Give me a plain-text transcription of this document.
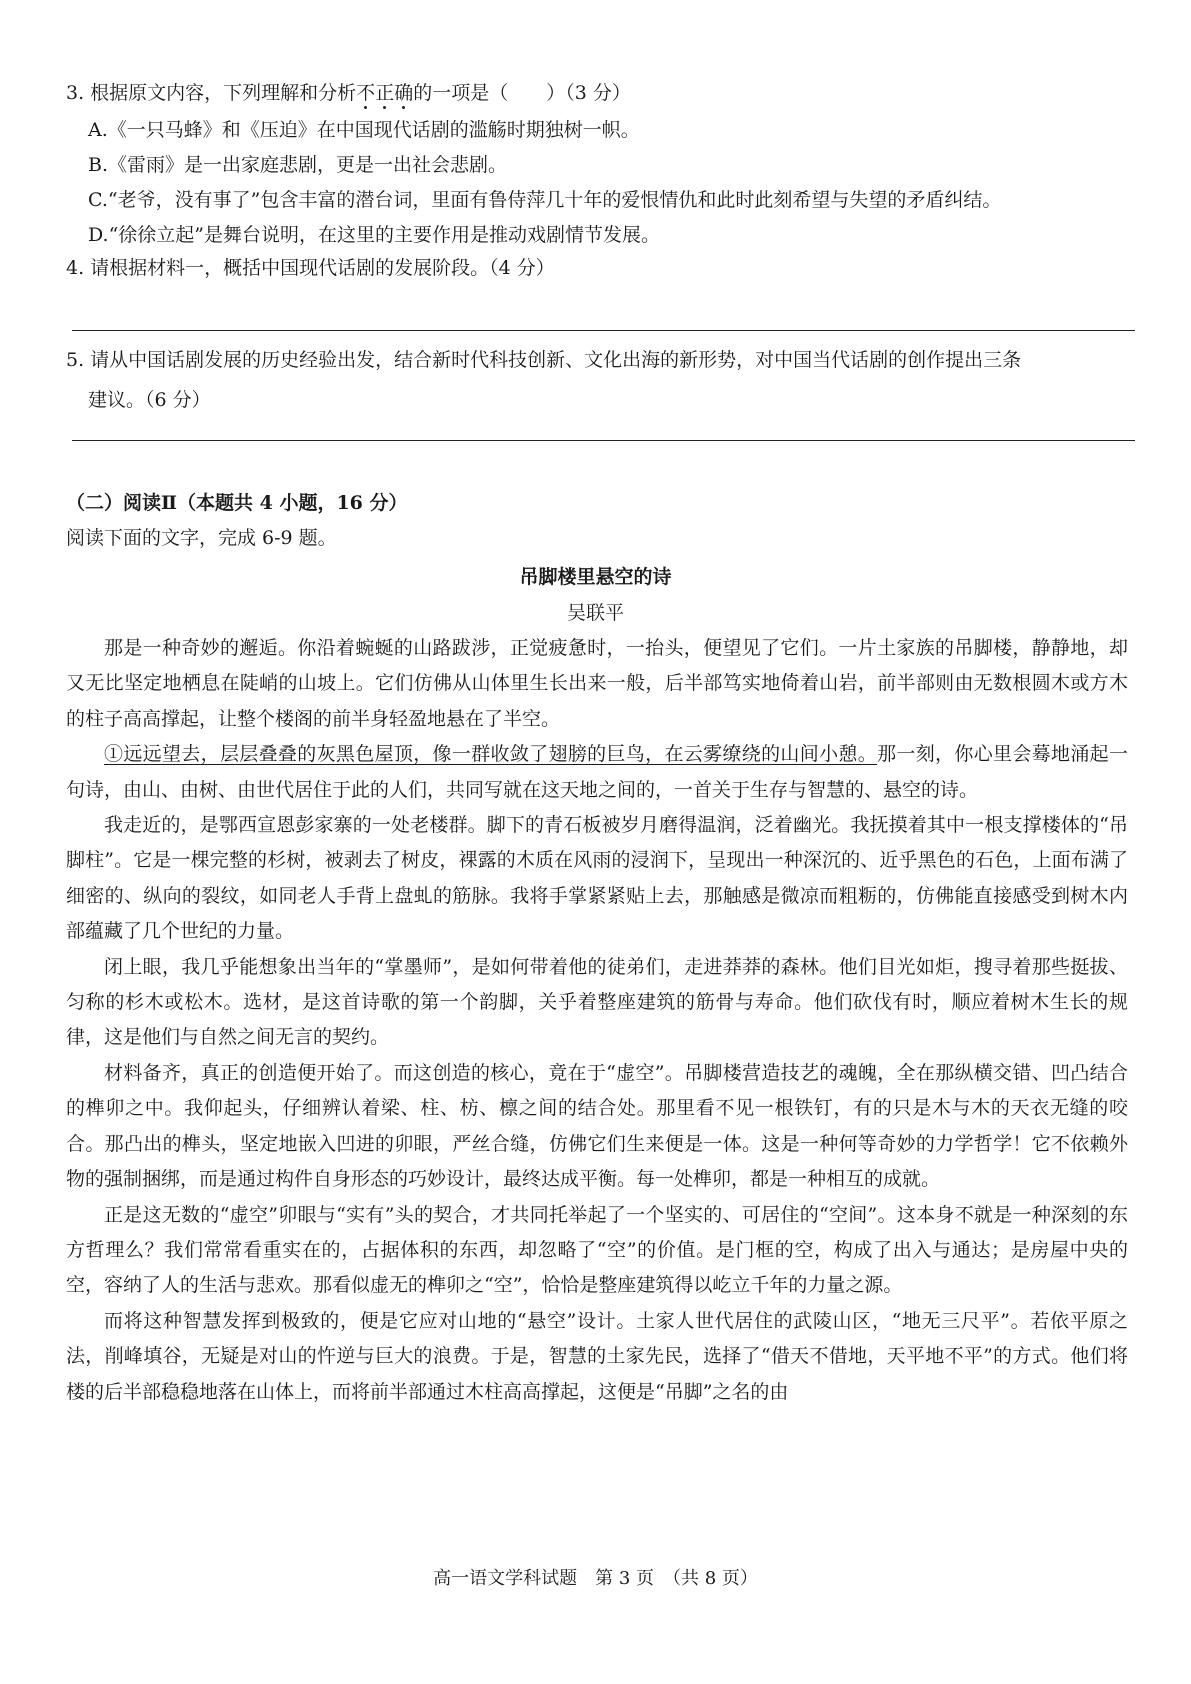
3. 根据原文内容，下列理解和分析不正确的一项是（　　）（3 分）
A.《一只马蜂》和《压迫》在中国现代话剧的滥觞时期独树一帜。
B.《雷雨》是一出家庭悲剧，更是一出社会悲剧。
C.“老爷，没有事了”包含丰富的潜台词，里面有鲁侍萍几十年的爱恨情仇和此时此刻希望与失望的矛盾纠结。
D.“徐徐立起”是舞台说明，在这里的主要作用是推动戏剧情节发展。
4. 请根据材料一，概括中国现代话剧的发展阶段。（4 分）
5. 请从中国话剧发展的历史经验出发，结合新时代科技创新、文化出海的新形势，对中国当代话剧的创作提出三条
建议。（6 分）
（二）阅读Ⅱ（本题共 4 小题，16 分）
阅读下面的文字，完成 6-9 题。
吊脚楼里悬空的诗
吴联平

那是一种奇妙的邂逅。你沿着蜿蜒的山路跋涉，正觉疲惫时，一抬头，便望见了它们。一片土家族的吊脚楼，静静地，却又无比坚定地栖息在陡峭的山坡上。它们仿佛从山体里生长出来一般，后半部笃实地倚着山岩，前半部则由无数根圆木或方木的柱子高高撑起，让整个楼阁的前半身轻盈地悬在了半空。

①远远望去，层层叠叠的灰黑色屋顶，像一群收敛了翅膀的巨鸟，在云雾缭绕的山间小憩。那一刻，你心里会蓦地涌起一句诗，由山、由树、由世代居住于此的人们，共同写就在这天地之间的，一首关于生存与智慧的、悬空的诗。

我走近的，是鄂西宣恩彭家寨的一处老楼群。脚下的青石板被岁月磨得温润，泛着幽光。我抚摸着其中一根支撑楼体的“吊脚柱”。它是一棵完整的杉树，被剥去了树皮，裸露的木质在风雨的浸润下，呈现出一种深沉的、近乎黑色的石色，上面布满了细密的、纵向的裂纹，如同老人手背上盘虬的筋脉。我将手掌紧紧贴上去，那触感是微凉而粗粝的，仿佛能直接感受到树木内部蕴藏了几个世纪的力量。

闭上眼，我几乎能想象出当年的“掌墨师”，是如何带着他的徒弟们，走进莽莽的森林。他们目光如炬，搜寻着那些挺拔、匀称的杉木或松木。选材，是这首诗歌的第一个韵脚，关乎着整座建筑的筋骨与寿命。他们砍伐有时，顺应着树木生长的规律，这是他们与自然之间无言的契约。

材料备齐，真正的创造便开始了。而这创造的核心，竟在于“虚空”。吊脚楼营造技艺的魂魄，全在那纵横交错、凹凸结合的榫卯之中。我仰起头，仔细辨认着梁、柱、枋、檩之间的结合处。那里看不见一根铁钉，有的只是木与木的天衣无缝的咬合。那凸出的榫头，坚定地嵌入凹进的卯眼，严丝合缝，仿佛它们生来便是一体。这是一种何等奇妙的力学哲学！它不依赖外物的强制捆绑，而是通过构件自身形态的巧妙设计，最终达成平衡。每一处榫卯，都是一种相互的成就。

正是这无数的“虚空”卯眼与“实有”头的契合，才共同托举起了一个坚实的、可居住的“空间”。这本身不就是一种深刻的东方哲理么？我们常常看重实在的，占据体积的东西，却忽略了“空”的价值。是门框的空，构成了出入与通达；是房屋中央的空，容纳了人的生活与悲欢。那看似虚无的榫卯之“空”，恰恰是整座建筑得以屹立千年的力量之源。

而将这种智慧发挥到极致的，便是它应对山地的“悬空”设计。土家人世代居住的武陵山区，“地无三尺平”。若依平原之法，削峰填谷，无疑是对山的忤逆与巨大的浪费。于是，智慧的土家先民，选择了“借天不借地，天平地不平”的方式。他们将楼的后半部稳稳地落在山体上，而将前半部通过木柱高高撑起，这便是“吊脚”之名的由

高一语文学科试题　第 3 页　（共 8 页）
